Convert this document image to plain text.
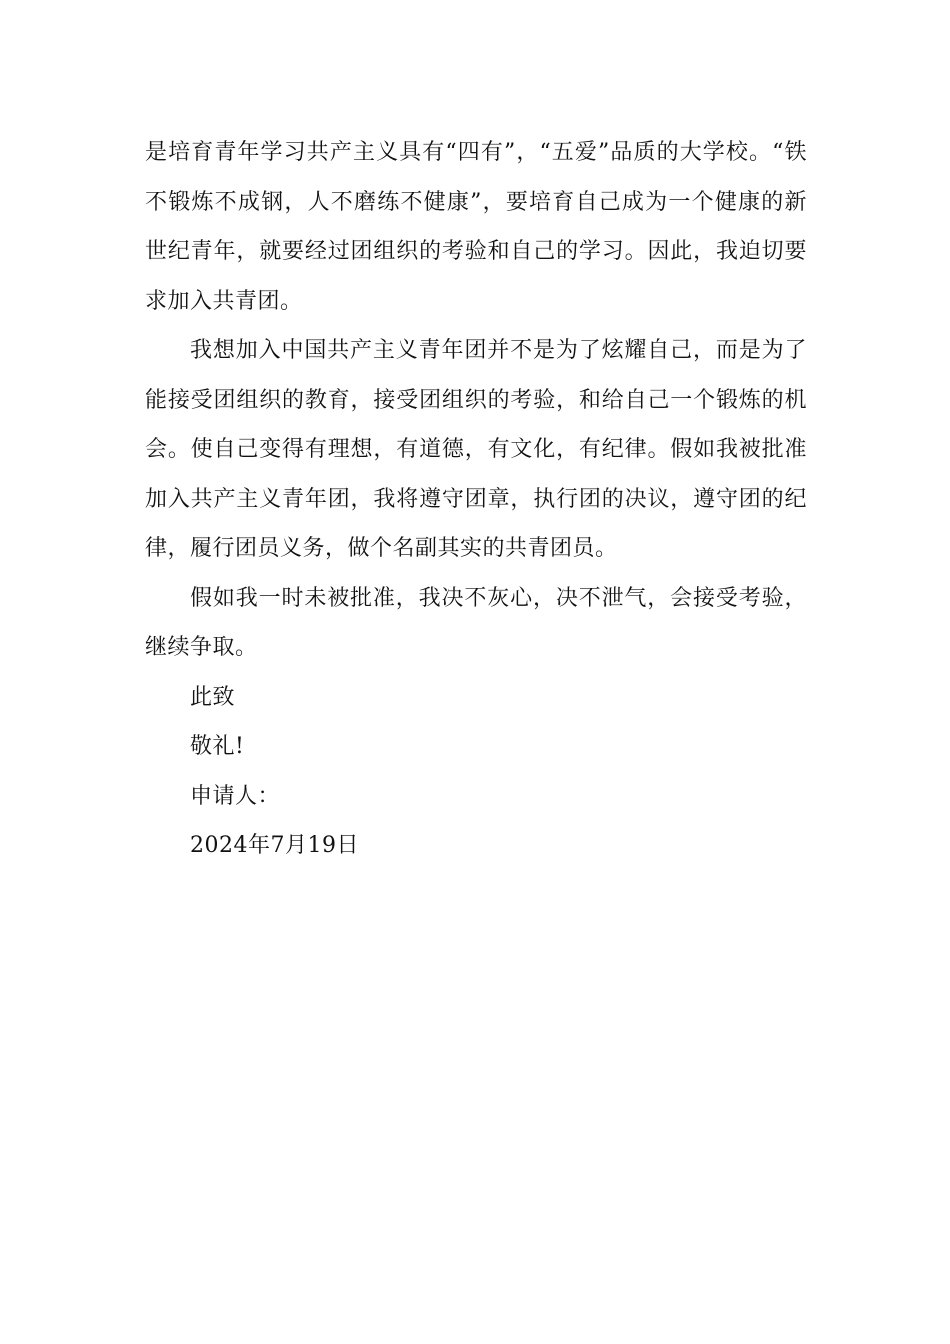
是培育青年学习共产主义具有“四有”，“五爱”品质的大学校。“铁不锻炼不成钢，人不磨练不健康”，要培育自己成为一个健康的新世纪青年，就要经过团组织的考验和自己的学习。因此，我迫切要求加入共青团。

我想加入中国共产主义青年团并不是为了炫耀自己，而是为了能接受团组织的教育，接受团组织的考验，和给自己一个锻炼的机会。使自己变得有理想，有道德，有文化，有纪律。假如我被批准加入共产主义青年团，我将遵守团章，执行团的决议，遵守团的纪律，履行团员义务，做个名副其实的共青团员。

假如我一时未被批准，我决不灰心，决不泄气，会接受考验，继续争取。

此致

敬礼!

申请人：

2024年7月19日
